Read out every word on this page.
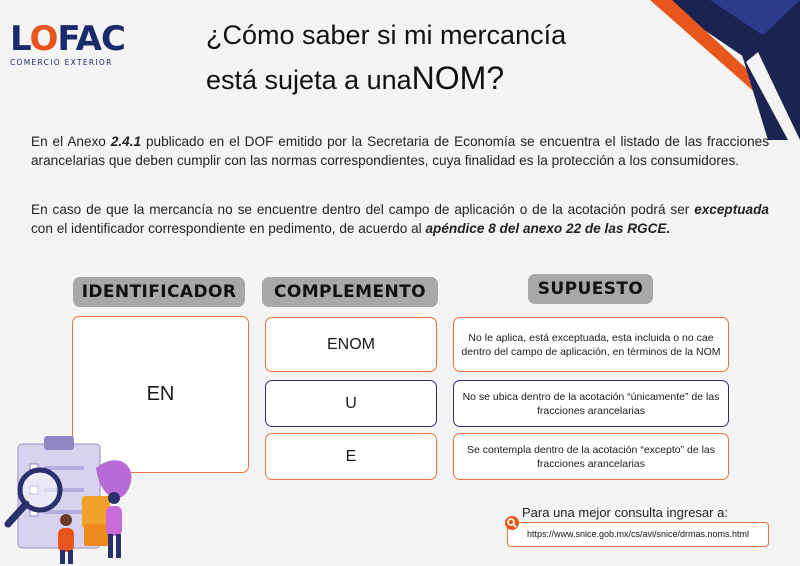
LOFAC
COMERCIO EXTERIOR
¿Cómo saber si mi mercancía
está sujeta a unaNOM?
En el Anexo 2.4.1 publicado en el DOF emitido por la Secretaria de Economía se encuentra el listado de las fracciones arancelarias que deben cumplir con las normas correspondientes, cuya finalidad es la protección a los consumidores.
En caso de que la mercancía no se encuentre dentro del campo de aplicación o de la acotación podrá ser exceptuada con el identificador correspondiente en pedimento, de acuerdo al apéndice 8 del anexo 22 de las RGCE.
IDENTIFICADOR	COMPLEMENTO	SUPUESTO
EN
ENOM
U
E
No le aplica, está exceptuada, esta incluida o no cae dentro del campo de aplicación, en términos de la NOM
No se ubica dentro de la acotación “únicamente” de las fracciones arancelarias
Se contempla dentro de la acotación “excepto” de las fracciones arancelarias
Para una mejor consulta ingresar a:
https://www.snice.gob.mx/cs/avi/snice/drmas.noms.html
